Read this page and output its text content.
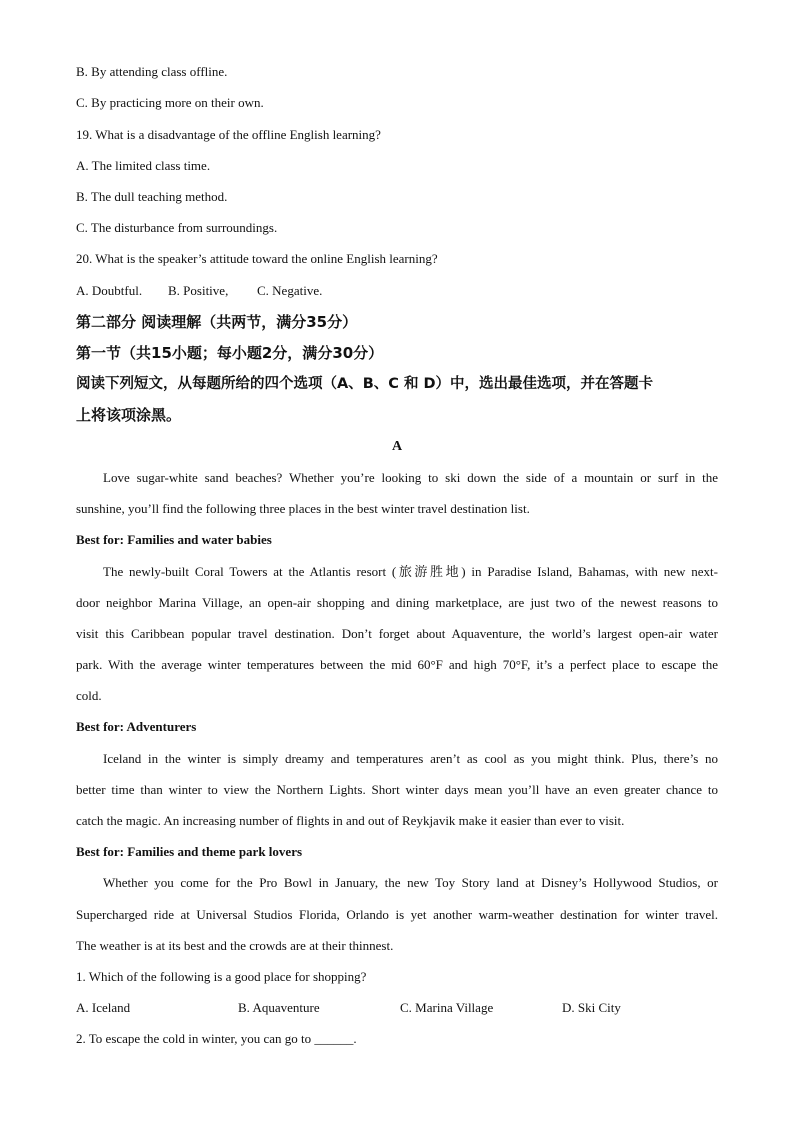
B. By attending class offline.
C. By practicing more on their own.
19. What is a disadvantage of the offline English learning?
A. The limited class time.
B. The dull teaching method.
C. The disturbance from surroundings.
20. What is the speaker’s attitude toward the online English learning?
A. Doubtful. B. Positive, C. Negative.
第二部分 阅读理解（共两节，满分35分）
第一节（共15小题；每小题2分，满分30分）
阅读下列短文，从每题所给的四个选项（A、B、C 和 D）中，选出最佳选项，并在答题卡
上将该项涂黑。
A
Love sugar-white sand beaches? Whether you’re looking to ski down the side of a mountain or surf in the
sunshine, you’ll find the following three places in the best winter travel destination list.
Best for: Families and water babies
The newly-built Coral Towers at the Atlantis resort (旅游胜地) in Paradise Island, Bahamas, with new next-
door neighbor Marina Village, an open-air shopping and dining marketplace, are just two of the newest reasons to
visit this Caribbean popular travel destination. Don’t forget about Aquaventure, the world’s largest open-air water
park. With the average winter temperatures between the mid 60°F and high 70°F, it’s a perfect place to escape the
cold.
Best for: Adventurers
Iceland in the winter is simply dreamy and temperatures aren’t as cool as you might think. Plus, there’s no
better time than winter to view the Northern Lights. Short winter days mean you’ll have an even greater chance to
catch the magic. An increasing number of flights in and out of Reykjavik make it easier than ever to visit.
Best for: Families and theme park lovers
Whether you come for the Pro Bowl in January, the new Toy Story land at Disney’s Hollywood Studios, or
Supercharged ride at Universal Studios Florida, Orlando is yet another warm-weather destination for winter travel.
The weather is at its best and the crowds are at their thinnest.
1. Which of the following is a good place for shopping?
A. Iceland	B. Aquaventure	C. Marina Village	D. Ski City
2. To escape the cold in winter, you can go to ______.
